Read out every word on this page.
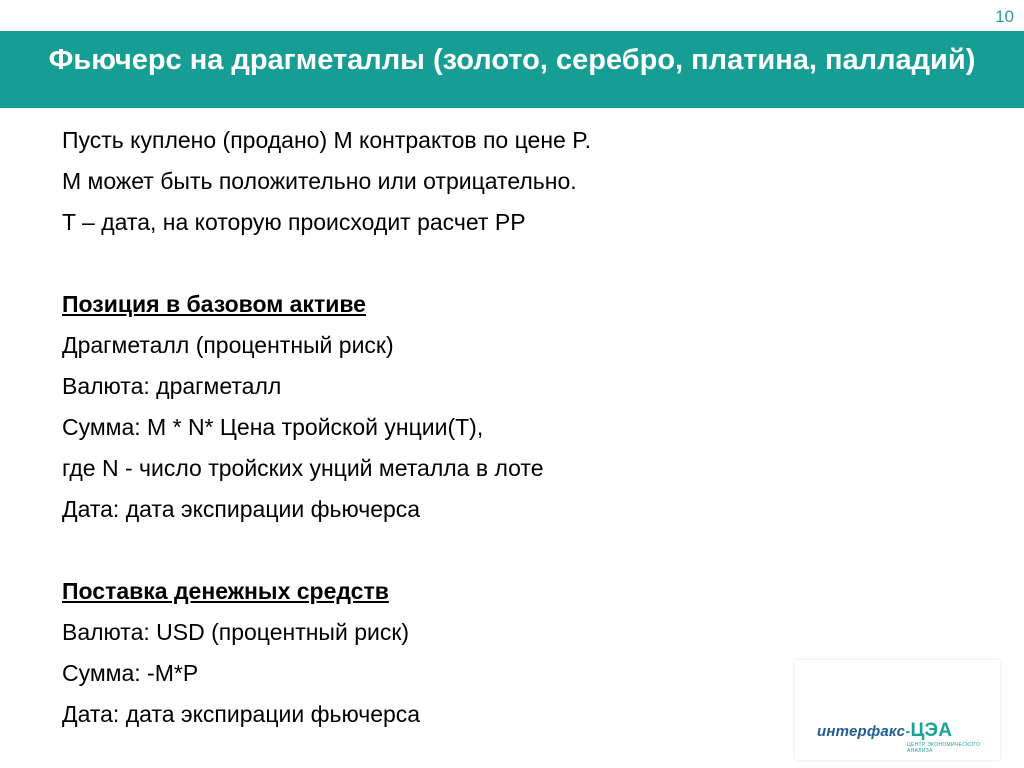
10
Фьючерс на драгметаллы (золото, серебро, платина, палладий)
Пусть куплено (продано) M контрактов по цене P.
M может быть положительно или отрицательно.
T – дата, на которую происходит расчет PP
Позиция в базовом активе
Драгметалл (процентный риск)
Валюта: драгметалл
Сумма: M * N* Цена тройской унции(T),
где N - число тройских унций металла в лоте
Дата: дата экспирации фьючерса
Поставка денежных средств
Валюта: USD (процентный риск)
Сумма: -M*P
Дата: дата экспирации фьючерса
интерфакс-ЦЭА
ЦЕНТР ЭКОНОМИЧЕСКОГО АНАЛИЗА
